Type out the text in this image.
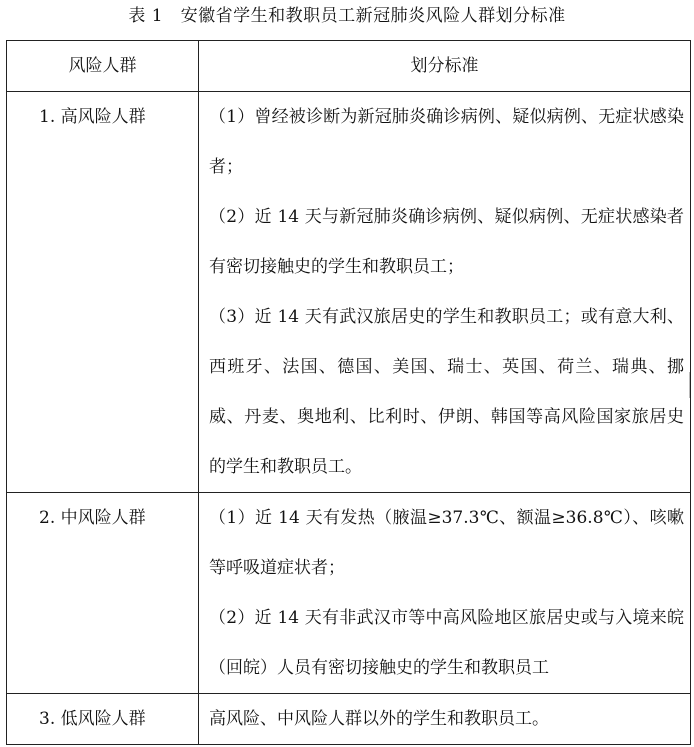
表 1　安徽省学生和教职员工新冠肺炎风险人群划分标准
风险人群	划分标准
1. 高风险人群	（1）曾经被诊断为新冠肺炎确诊病例、疑似病例、无症状感染者；
（2）近 14 天与新冠肺炎确诊病例、疑似病例、无症状感染者有密切接触史的学生和教职员工；
（3）近 14 天有武汉旅居史的学生和教职员工；或有意大利、西班牙、法国、德国、美国、瑞士、英国、荷兰、瑞典、挪威、丹麦、奥地利、比利时、伊朗、韩国等高风险国家旅居史的学生和教职员工。

2. 中风险人群	（1）近 14 天有发热（腋温≥37.3℃、额温≥36.8℃）、咳嗽等呼吸道症状者；
（2）近 14 天有非武汉市等中高风险地区旅居史或与入境来皖（回皖）人员有密切接触史的学生和教职员工

3. 低风险人群	高风险、中风险人群以外的学生和教职员工。
